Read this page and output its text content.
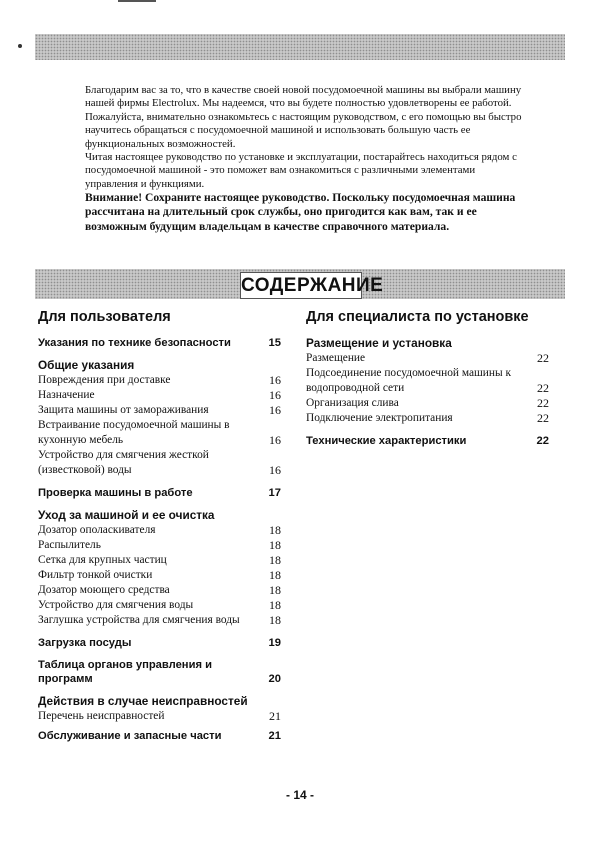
Благодарим вас за то, что в качестве своей новой посудомоечной машины вы выбрали машину нашей фирмы Electrolux. Мы надеемся, что вы будете полностью удовлетворены ее работой.

Пожалуйста, внимательно ознакомьтесь с настоящим руководством, с его помощью вы быстро научитесь обращаться с посудомоечной машиной и использовать большую часть ее функциональных возможностей.

Читая настоящее руководство по установке и эксплуатации, постарайтесь находиться рядом с посудомоечной машиной - это поможет вам ознакомиться с различными элементами управления и функциями.

Внимание! Сохраните настоящее руководство. Поскольку посудомоечная машина рассчитана на длительный срок службы, оно пригодится как вам, так и ее возможным будущим владельцам в качестве справочного материала.

СОДЕРЖАНИЕ
Для пользователя	Для специалиста по установке
Указания по технике безопасности	15
Общие указания
Повреждения при доставке	16
Назначение	16
Защита машины от замораживания	16
Встраивание посудомоечной машины в кухонную мебель	16
Устройство для смягчения жесткой (известковой) воды	16
Проверка машины в работе	17
Уход за машиной и ее очистка
Дозатор ополаскивателя	18
Распылитель	18
Сетка для крупных частиц	18
Фильтр тонкой очистки	18
Дозатор моющего средства	18
Устройство для смягчения воды	18
Заглушка устройства для смягчения воды	18
Загрузка посуды	19
Таблица органов управления и программ	20
Действия в случае неисправностей
Перечень неисправностей	21
Обслуживание и запасные части	21
Размещение и установка
Размещение	22
Подсоединение посудомоечной машины к водопроводной сети	22
Организация слива	22
Подключение электропитания	22
Технические характеристики	22
- 14 -
